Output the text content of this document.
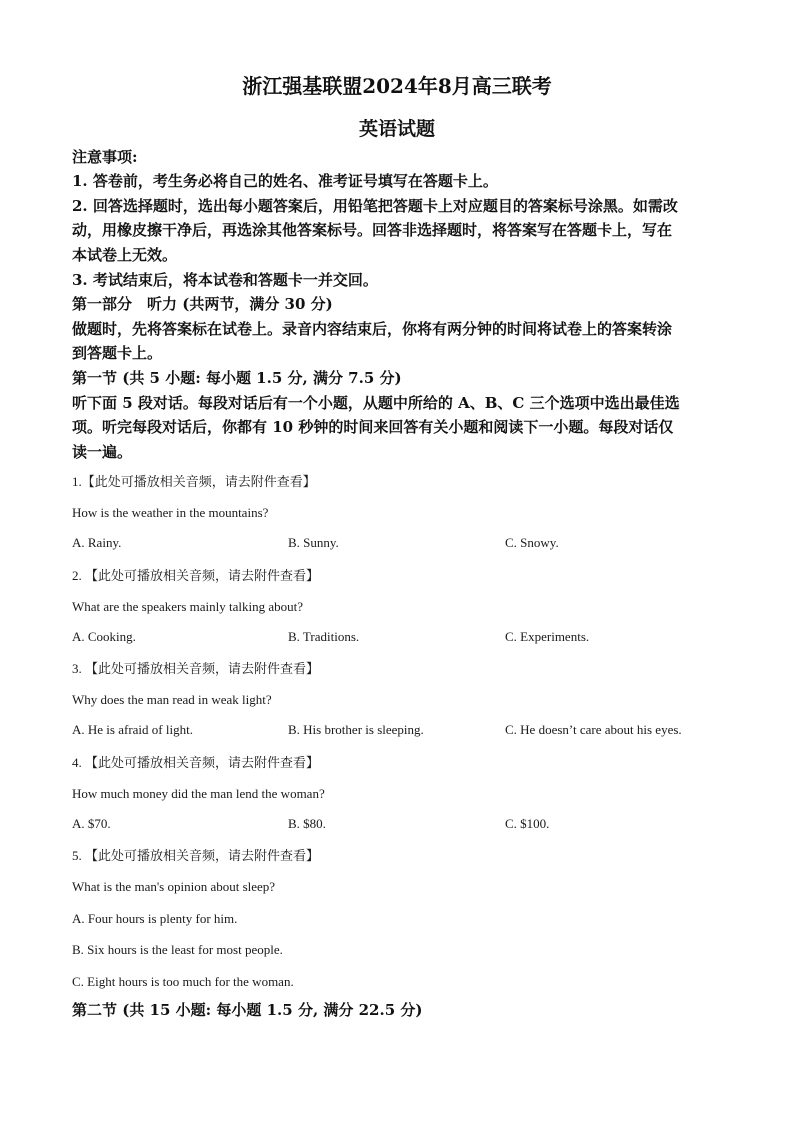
浙江强基联盟2024年8月高三联考
英语试题
注意事项:
1. 答卷前，考生务必将自己的姓名、准考证号填写在答题卡上。
2. 回答选择题时，选出每小题答案后，用铅笔把答题卡上对应题目的答案标号涂黑。如需改
动，用橡皮擦干净后，再选涂其他答案标号。回答非选择题时，将答案写在答题卡上，写在
本试卷上无效。
3. 考试结束后，将本试卷和答题卡一并交回。
第一部分　听力 (共两节，满分 30 分)
做题时，先将答案标在试卷上。录音内容结束后，你将有两分钟的时间将试卷上的答案转涂
到答题卡上。
第一节 (共 5 小题: 每小题 1.5 分, 满分 7.5 分)
听下面 5 段对话。每段对话后有一个小题，从题中所给的 A、B、C 三个选项中选出最佳选
项。听完每段对话后，你都有 10 秒钟的时间来回答有关小题和阅读下一小题。每段对话仅
读一遍。
1.【此处可播放相关音频，请去附件查看】
How is the weather in the mountains?
A. Rainy.	B. Sunny.	C. Snowy.
2. 【此处可播放相关音频，请去附件查看】
What are the speakers mainly talking about?
A. Cooking.	B. Traditions.	C. Experiments.
3. 【此处可播放相关音频，请去附件查看】
Why does the man read in weak light?
A. He is afraid of light.	B. His brother is sleeping.	C. He doesn’t care about his eyes.
4. 【此处可播放相关音频，请去附件查看】
How much money did the man lend the woman?
A. $70.	B. $80.	C. $100.
5. 【此处可播放相关音频，请去附件查看】
What is the man's opinion about sleep?
A. Four hours is plenty for him.
B. Six hours is the least for most people.
C. Eight hours is too much for the woman.
第二节 (共 15 小题: 每小题 1.5 分, 满分 22.5 分)
